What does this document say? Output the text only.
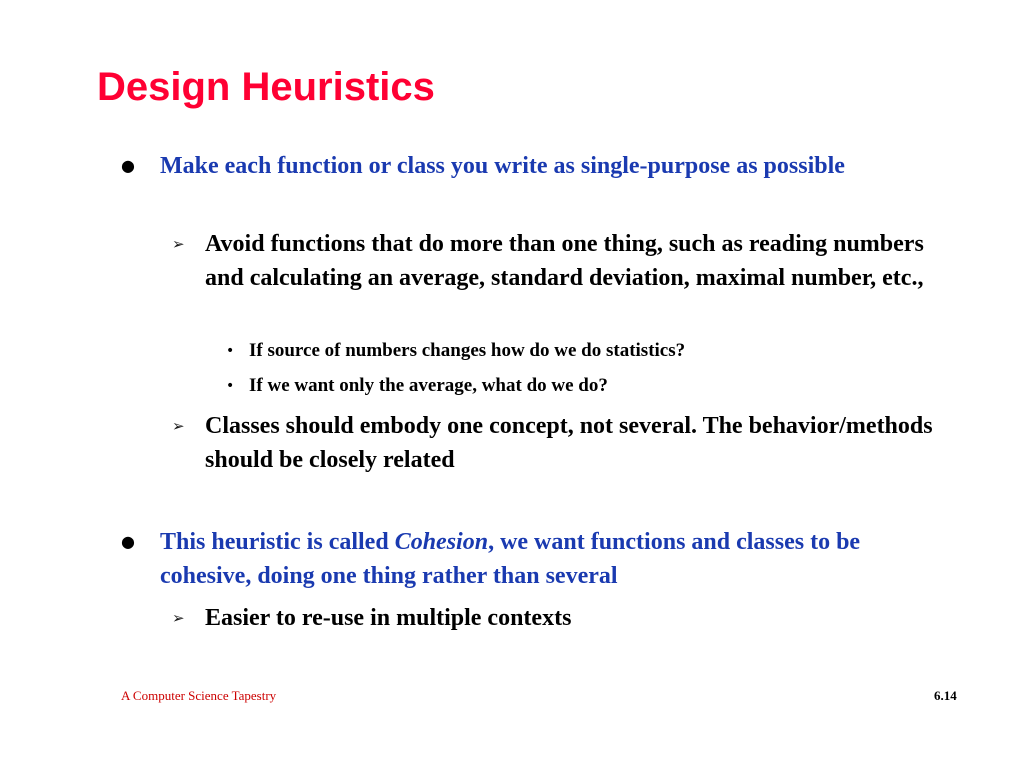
Design Heuristics
● Make each function or class you write as single-purpose as possible
➢ Avoid functions that do more than one thing, such as reading numbers and calculating an average, standard deviation, maximal number, etc.,
• If source of numbers changes how do we do statistics?
• If we want only the average, what do we do?
➢ Classes should embody one concept, not several. The behavior/methods should be closely related
● This heuristic is called Cohesion, we want functions and classes to be cohesive, doing one thing rather than several
➢ Easier to re-use in multiple contexts
A Computer Science Tapestry	6.14
